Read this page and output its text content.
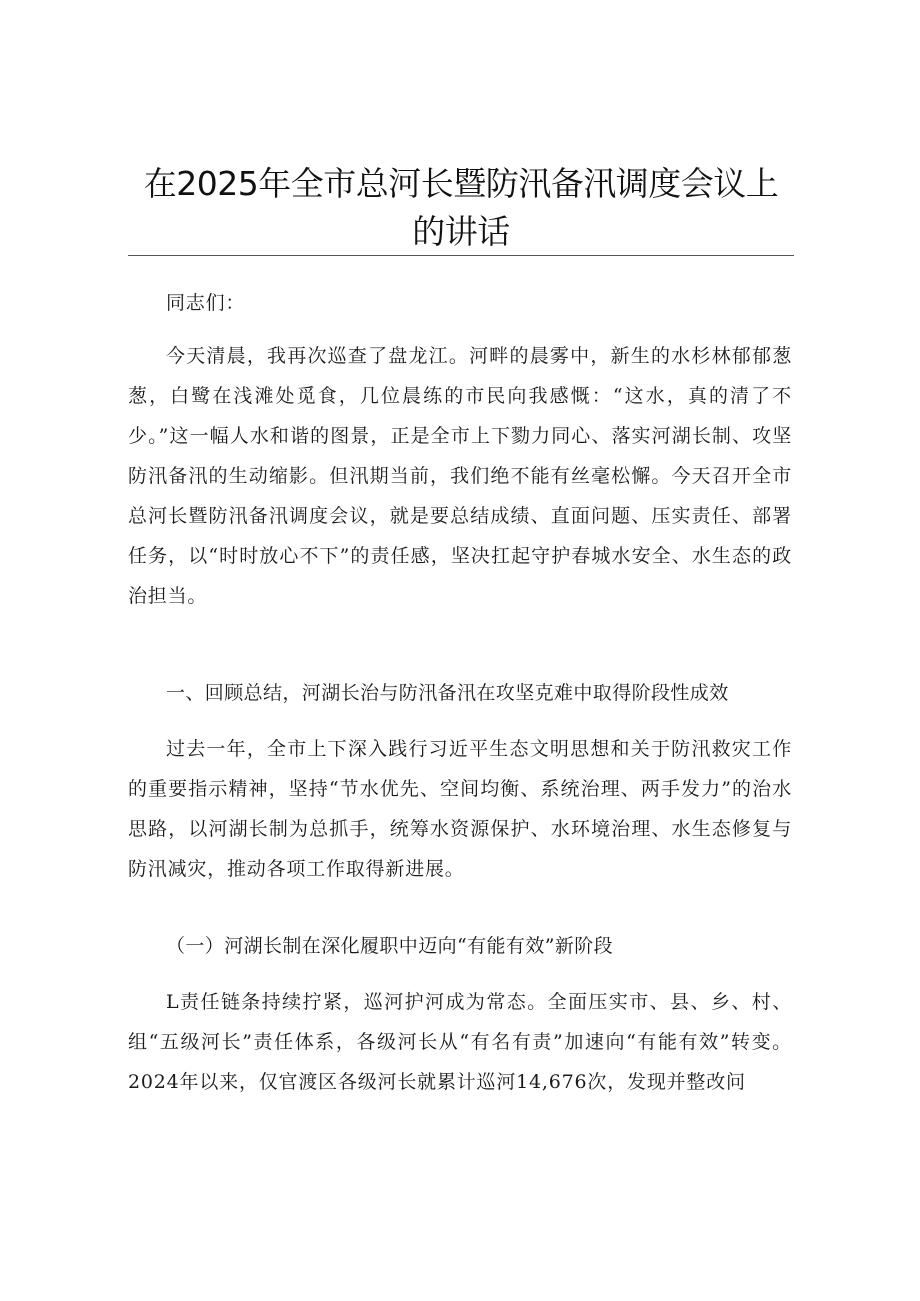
在2025年全市总河长暨防汛备汛调度会议上的讲话

同志们：

今天清晨，我再次巡查了盘龙江。河畔的晨雾中，新生的水杉林郁郁葱葱，白鹭在浅滩处觅食，几位晨练的市民向我感慨：“这水，真的清了不少。”这一幅人水和谐的图景，正是全市上下勠力同心、落实河湖长制、攻坚防汛备汛的生动缩影。但汛期当前，我们绝不能有丝毫松懈。今天召开全市总河长暨防汛备汛调度会议，就是要总结成绩、直面问题、压实责任、部署任务，以“时时放心不下”的责任感，坚决扛起守护春城水安全、水生态的政治担当。

一、回顾总结，河湖长治与防汛备汛在攻坚克难中取得阶段性成效

过去一年，全市上下深入践行习近平生态文明思想和关于防汛救灾工作的重要指示精神，坚持“节水优先、空间均衡、系统治理、两手发力”的治水思路，以河湖长制为总抓手，统筹水资源保护、水环境治理、水生态修复与防汛减灾，推动各项工作取得新进展。

（一）河湖长制在深化履职中迈向“有能有效”新阶段

L责任链条持续拧紧，巡河护河成为常态。全面压实市、县、乡、村、组“五级河长”责任体系，各级河长从“有名有责”加速向“有能有效”转变。2024年以来，仅官渡区各级河长就累计巡河14,676次，发现并整改问
